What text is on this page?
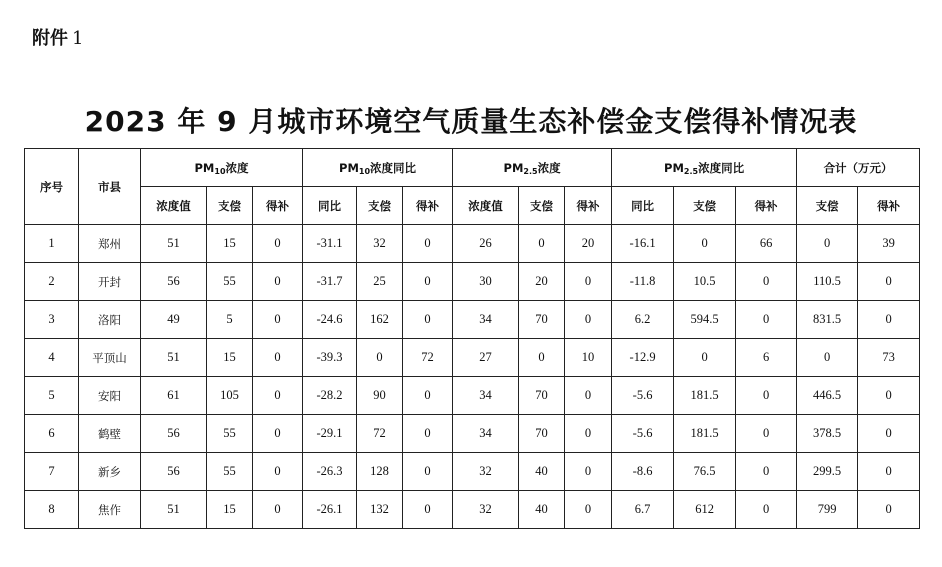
附件 1
2023 年 9 月城市环境空气质量生态补偿金支偿得补情况表
序号	市县	$PM_{10}$浓度			$PM_{10}$浓度同比			$PM_{2.5}$浓度			$PM_{2.5}$浓度同比			合计（万元）	
		浓度值	支偿	得补	同比	支偿	得补	浓度值	支偿	得补	同比	支偿	得补	支偿	得补
1	郑州	51	15	0	-31.1	32	0	26	0	20	-16.1	0	66	0	39
2	开封	56	55	0	-31.7	25	0	30	20	0	-11.8	10.5	0	110.5	0
3	洛阳	49	5	0	-24.6	162	0	34	70	0	6.2	594.5	0	831.5	0
4	平顶山	51	15	0	-39.3	0	72	27	0	10	-12.9	0	6	0	73
5	安阳	61	105	0	-28.2	90	0	34	70	0	-5.6	181.5	0	446.5	0
6	鹤壁	56	55	0	-29.1	72	0	34	70	0	-5.6	181.5	0	378.5	0
7	新乡	56	55	0	-26.3	128	0	32	40	0	-8.6	76.5	0	299.5	0
8	焦作	51	15	0	-26.1	132	0	32	40	0	6.7	612	0	799	0
